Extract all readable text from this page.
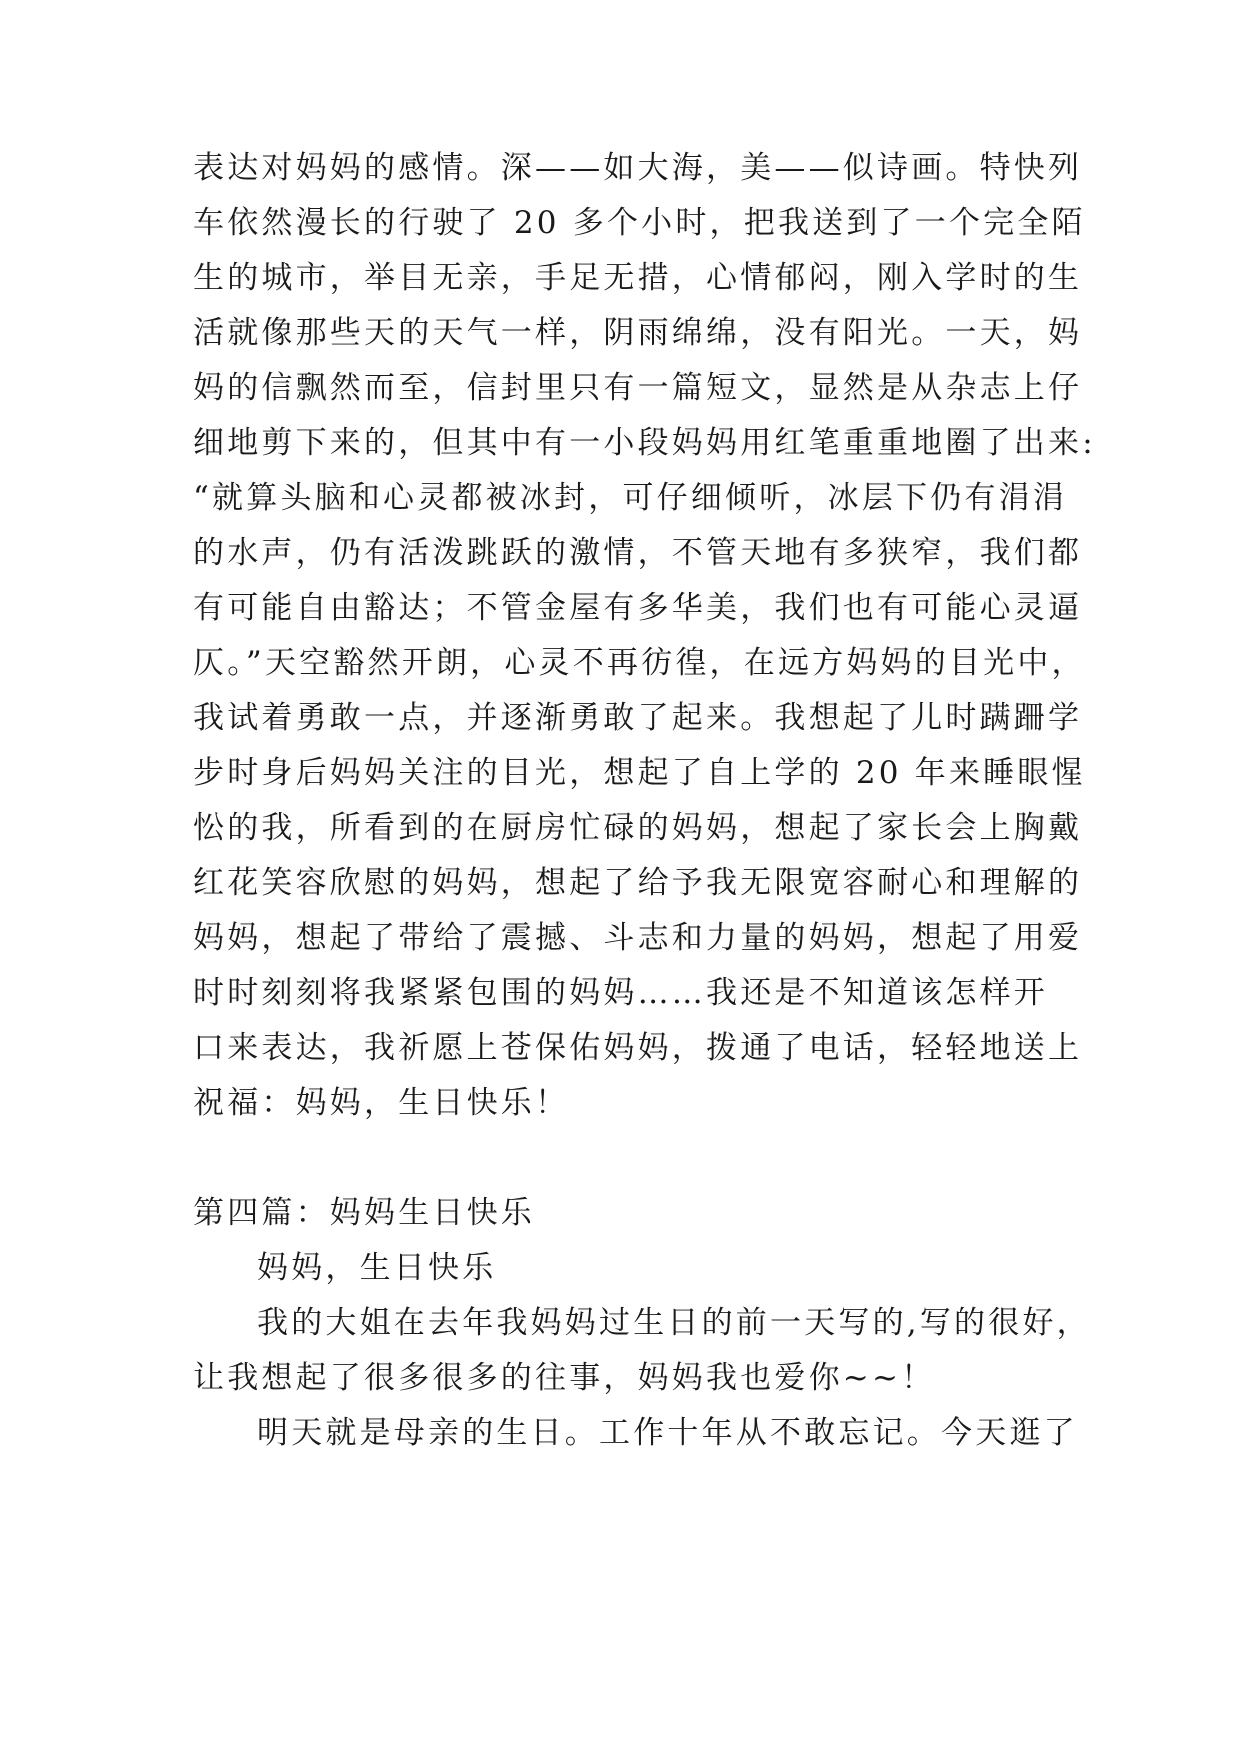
表达对妈妈的感情。深——如大海，美——似诗画。特快列
车依然漫长的行驶了 20 多个小时，把我送到了一个完全陌
生的城市，举目无亲，手足无措，心情郁闷，刚入学时的生
活就像那些天的天气一样，阴雨绵绵，没有阳光。一天，妈
妈的信飘然而至，信封里只有一篇短文，显然是从杂志上仔
细地剪下来的，但其中有一小段妈妈用红笔重重地圈了出来:
“就算头脑和心灵都被冰封，可仔细倾听，冰层下仍有涓涓
的水声，仍有活泼跳跃的激情，不管天地有多狭窄，我们都
有可能自由豁达；不管金屋有多华美，我们也有可能心灵逼
仄。”天空豁然开朗，心灵不再彷徨，在远方妈妈的目光中，
我试着勇敢一点，并逐渐勇敢了起来。我想起了儿时蹒跚学
步时身后妈妈关注的目光，想起了自上学的 20 年来睡眼惺
忪的我，所看到的在厨房忙碌的妈妈，想起了家长会上胸戴
红花笑容欣慰的妈妈，想起了给予我无限宽容耐心和理解的
妈妈，想起了带给了震撼、斗志和力量的妈妈，想起了用爱
时时刻刻将我紧紧包围的妈妈……我还是不知道该怎样开
口来表达，我祈愿上苍保佑妈妈，拨通了电话，轻轻地送上
祝福：妈妈，生日快乐！
第四篇：妈妈生日快乐
妈妈，生日快乐
我的大姐在去年我妈妈过生日的前一天写的,写的很好，
让我想起了很多很多的往事，妈妈我也爱你~~！
明天就是母亲的生日。工作十年从不敢忘记。今天逛了
